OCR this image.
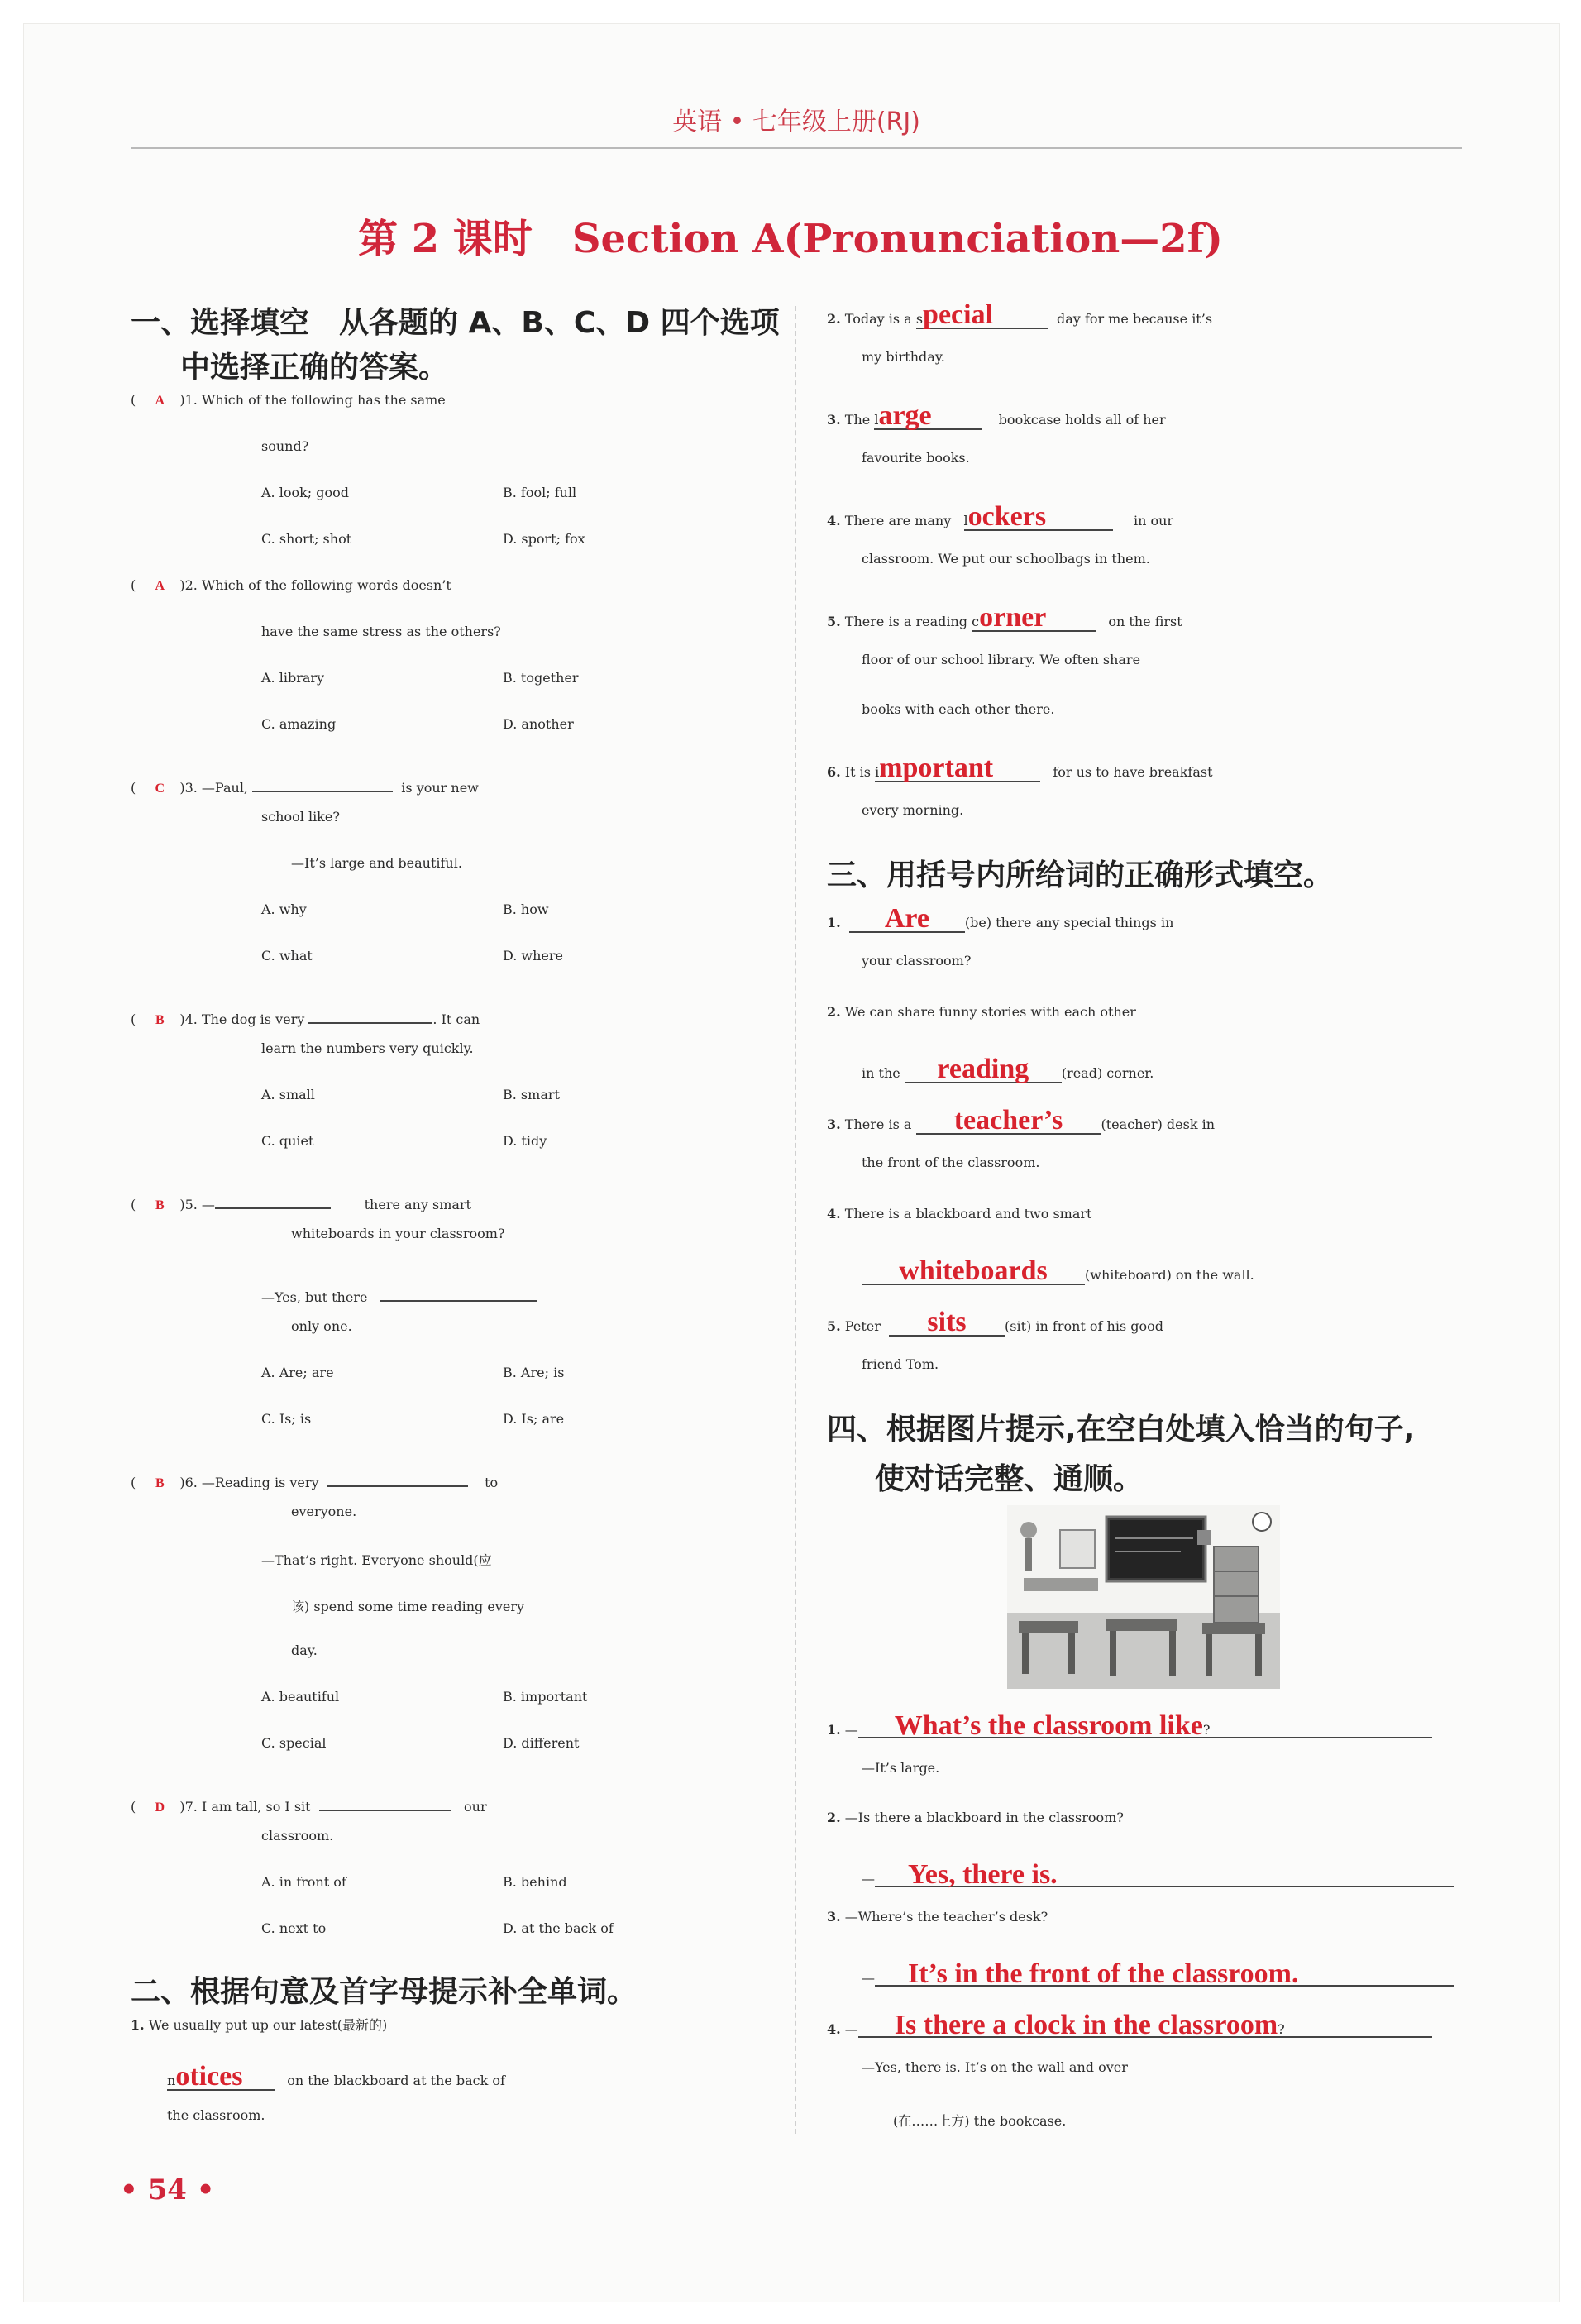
英语 • 七年级上册(RJ)
第 2 课时　Section A(Pronunciation—2f)
一、选择填空　从各题的 A、B、C、D 四个选项
中选择正确的答案。
( A )1. Which of the following has the same
sound?
A. look; good	B. fool; full
C. short; shot	D. sport; fox
( A )2. Which of the following words doesn’t
have the same stress as the others?
A. library	B. together
C. amazing	D. another
( C )3. —Paul,	is your new
school like?
—It’s large and beautiful.
A. why	B. how
C. what	D. where
( B )4. The dog is very	. It can
learn the numbers very quickly.
A. small	B. smart
C. quiet	D. tidy
( B )5. —	there any smart
whiteboards in your classroom?
—Yes, but there
only one.
A. Are; are	B. Are; is
C. Is; is	D. Is; are
( B )6. —Reading is very	to
everyone.
—That’s right. Everyone should(应
该) spend some time reading every
day.
A. beautiful	B. important
C. special	D. different
( D )7. I am tall, so I sit	our
classroom.
A. in front of	B. behind
C. next to	D. at the back of
二、根据句意及首字母提示补全单词。
1. We usually put up our latest(最新的)
notices	on the blackboard at the back of
the classroom.
2. Today is a special	day for me because it’s
my birthday.
3. The large	bookcase holds all of her
favourite books.
4. There are many lockers	in our
classroom. We put our schoolbags in them.
5. There is a reading corner	on the first
floor of our school library. We often share
books with each other there.
6. It is important	for us to have breakfast
every morning.
三、用括号内所给词的正确形式填空。
1. Are	(be) there any special things in
your classroom?
2. We can share funny stories with each other
in the reading (read) corner.
3. There is a teacher’s	(teacher) desk in
the front of the classroom.
4. There is a blackboard and two smart
whiteboards	(whiteboard) on the wall.
5. Peter sits	(sit) in front of his good
friend Tom.
四、根据图片提示,在空白处填入恰当的句子,
使对话完整、通顺。
1. — What’s the classroom like?
—It’s large.
2. —Is there a blackboard in the classroom?
— Yes, there is.
3. —Where’s the teacher’s desk?
— It’s in the front of the classroom.
4. — Is there a clock in the classroom?
—Yes, there is. It’s on the wall and over
(在……上方) the bookcase.
• 54 •
